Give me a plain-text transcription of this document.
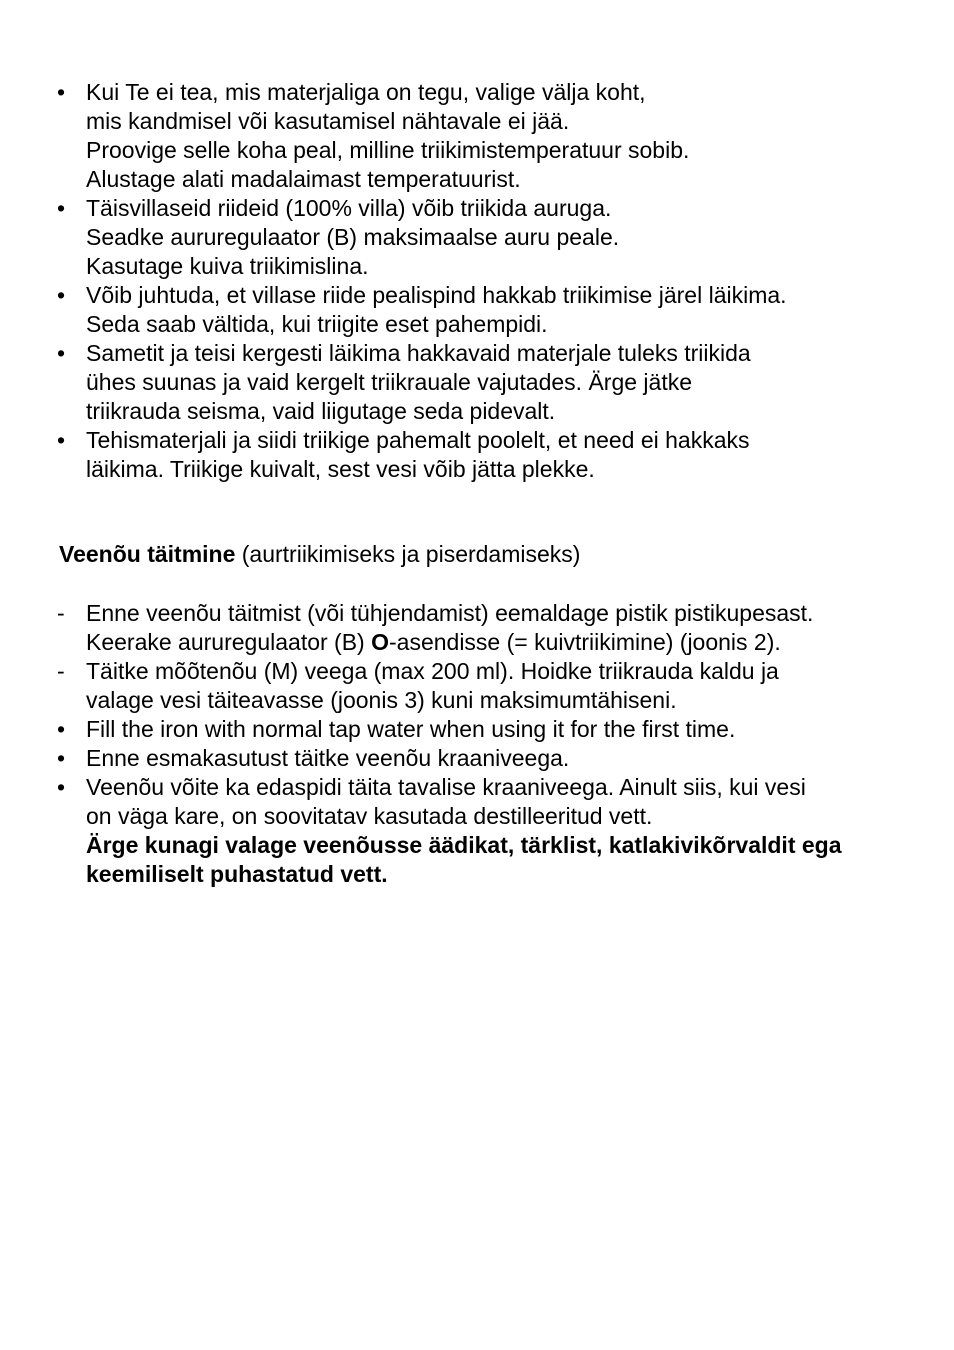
• Kui Te ei tea, mis materjaliga on tegu, valige välja koht,
mis kandmisel või kasutamisel nähtavale ei jää.
Proovige selle koha peal, milline triikimistemperatuur sobib.
Alustage alati madalaimast temperatuurist.
• Täisvillaseid riideid (100% villa) võib triikida auruga.
Seadke aururegulaator (B) maksimaalse auru peale.
Kasutage kuiva triikimislina.
• Võib juhtuda, et villase riide pealispind hakkab triikimise järel läikima.
Seda saab vältida, kui triigite eset pahempidi.
• Sametit ja teisi kergesti läikima hakkavaid materjale tuleks triikida
ühes suunas ja vaid kergelt triikrauale vajutades. Ärge jätke
triikrauda seisma, vaid liigutage seda pidevalt.
• Tehismaterjali ja siidi triikige pahemalt poolelt, et need ei hakkaks
läikima. Triikige kuivalt, sest vesi võib jätta plekke.
Veenõu täitmine (aurtriikimiseks ja piserdamiseks)
- Enne veenõu täitmist (või tühjendamist) eemaldage pistik pistikupesast.
Keerake aururegulaator (B) O-asendisse (= kuivtriikimine) (joonis 2).
- Täitke mõõtenõu (M) veega (max 200 ml). Hoidke triikrauda kaldu ja
valage vesi täiteavasse (joonis 3) kuni maksimumtähiseni.
• Fill the iron with normal tap water when using it for the first time.
• Enne esmakasutust täitke veenõu kraaniveega.
• Veenõu võite ka edaspidi täita tavalise kraaniveega. Ainult siis, kui vesi
on väga kare, on soovitatav kasutada destilleeritud vett.
Ärge kunagi valage veenõusse äädikat, tärklist, katlakivikõrvaldit ega
keemiliselt puhastatud vett.
